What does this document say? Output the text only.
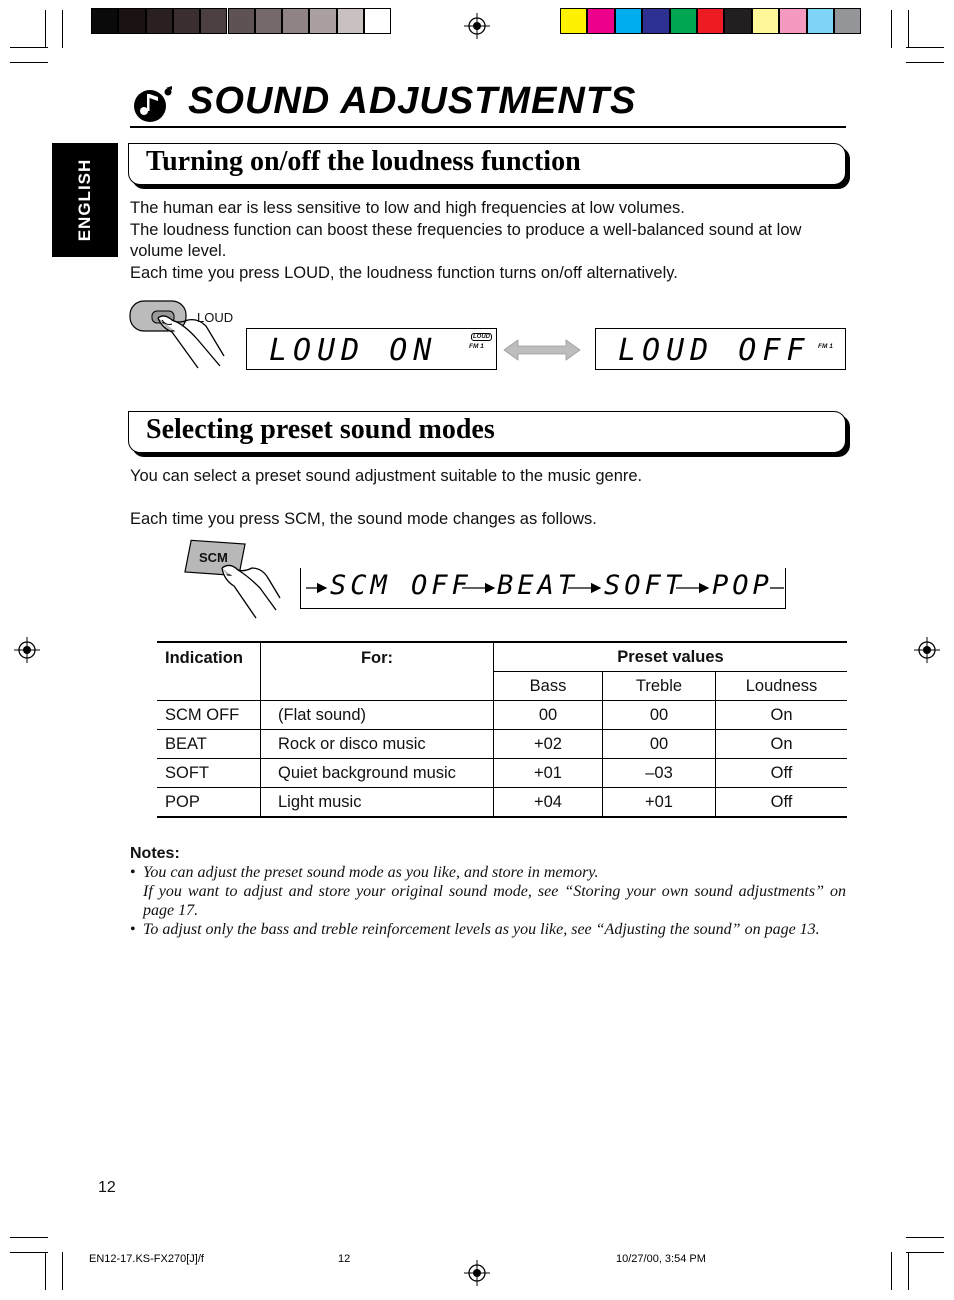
SOUND ADJUSTMENTS
ENGLISH Turning on/off the loudness function
The human ear is less sensitive to low and high frequencies at low volumes.
The loudness function can boost these frequencies to produce a well-balanced sound at low volume level.
Each time you press LOUD, the loudness function turns on/off alternatively.
LOUD
LOUD ON	LOUD
FM 1	LOUD OFF FM 1
Selecting preset sound modes
You can select a preset sound adjustment suitable to the music genre.
Each time you press SCM, the sound mode changes as follows.
SCM
SCM OFF BEAT SOFT POP
Indication	For:	Preset values		
		Bass	Treble	Loudness
SCM OFF	(Flat sound)	00	00	On
BEAT	Rock or disco music	+02	00	On
SOFT	Quiet background music	+01	–03	Off
POP	Light music	+04	+01	Off
Notes:
• You can adjust the preset sound mode as you like, and store in memory.
If you want to adjust and store your original sound mode, see “Storing your own sound adjustments” on page 17.
• To adjust only the bass and treble reinforcement levels as you like, see “Adjusting the sound” on page 13.
12
EN12-17.KS-FX270[J]/f	12	10/27/00, 3:54 PM
